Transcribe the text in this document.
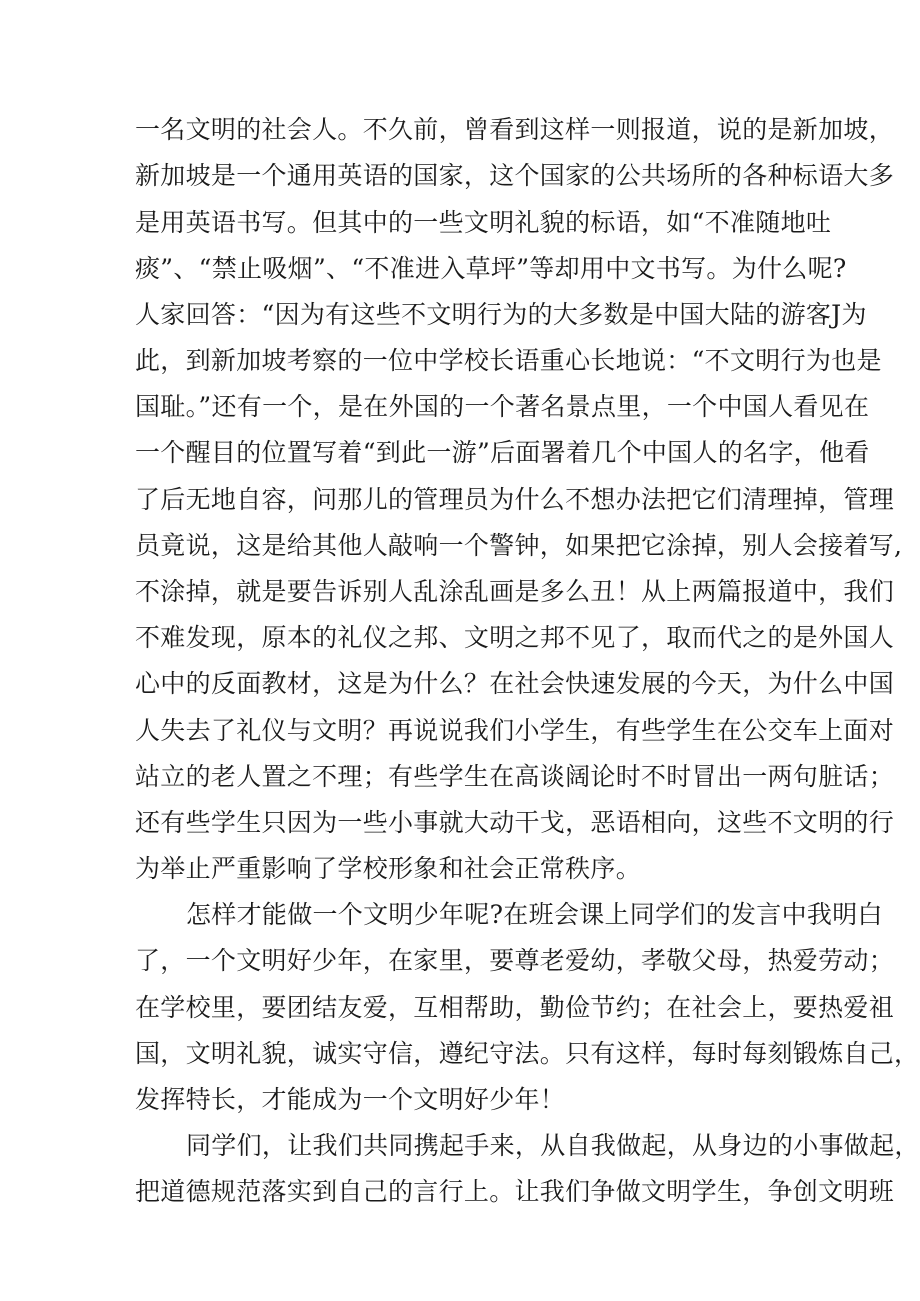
一名文明的社会人。不久前，曾看到这样一则报道，说的是新加坡，
新加坡是一个通用英语的国家，这个国家的公共场所的各种标语大多
是用英语书写。但其中的一些文明礼貌的标语，如“不准随地吐
痰”、“禁止吸烟”、“不准进入草坪”等却用中文书写。为什么呢?
人家回答：“因为有这些不文明行为的大多数是中国大陆的游客J为
此，到新加坡考察的一位中学校长语重心长地说：“不文明行为也是
国耻。”还有一个，是在外国的一个著名景点里，一个中国人看见在
一个醒目的位置写着“到此一游”后面署着几个中国人的名字，他看
了后无地自容，问那儿的管理员为什么不想办法把它们清理掉，管理
员竟说，这是给其他人敲响一个警钟，如果把它涂掉，别人会接着写,
不涂掉，就是要告诉别人乱涂乱画是多么丑！从上两篇报道中，我们
不难发现，原本的礼仪之邦、文明之邦不见了，取而代之的是外国人
心中的反面教材，这是为什么？在社会快速发展的今天，为什么中国
人失去了礼仪与文明？再说说我们小学生，有些学生在公交车上面对
站立的老人置之不理；有些学生在高谈阔论时不时冒出一两句脏话；
还有些学生只因为一些小事就大动干戈，恶语相向，这些不文明的行
为举止严重影响了学校形象和社会正常秩序。
怎样才能做一个文明少年呢?在班会课上同学们的发言中我明白
了，一个文明好少年，在家里，要尊老爱幼，孝敬父母，热爱劳动；
在学校里，要团结友爱，互相帮助，勤俭节约；在社会上，要热爱祖
国，文明礼貌，诚实守信，遵纪守法。只有这样，每时每刻锻炼自己，
发挥特长，才能成为一个文明好少年！
同学们，让我们共同携起手来，从自我做起，从身边的小事做起，
把道德规范落实到自己的言行上。让我们争做文明学生，争创文明班
